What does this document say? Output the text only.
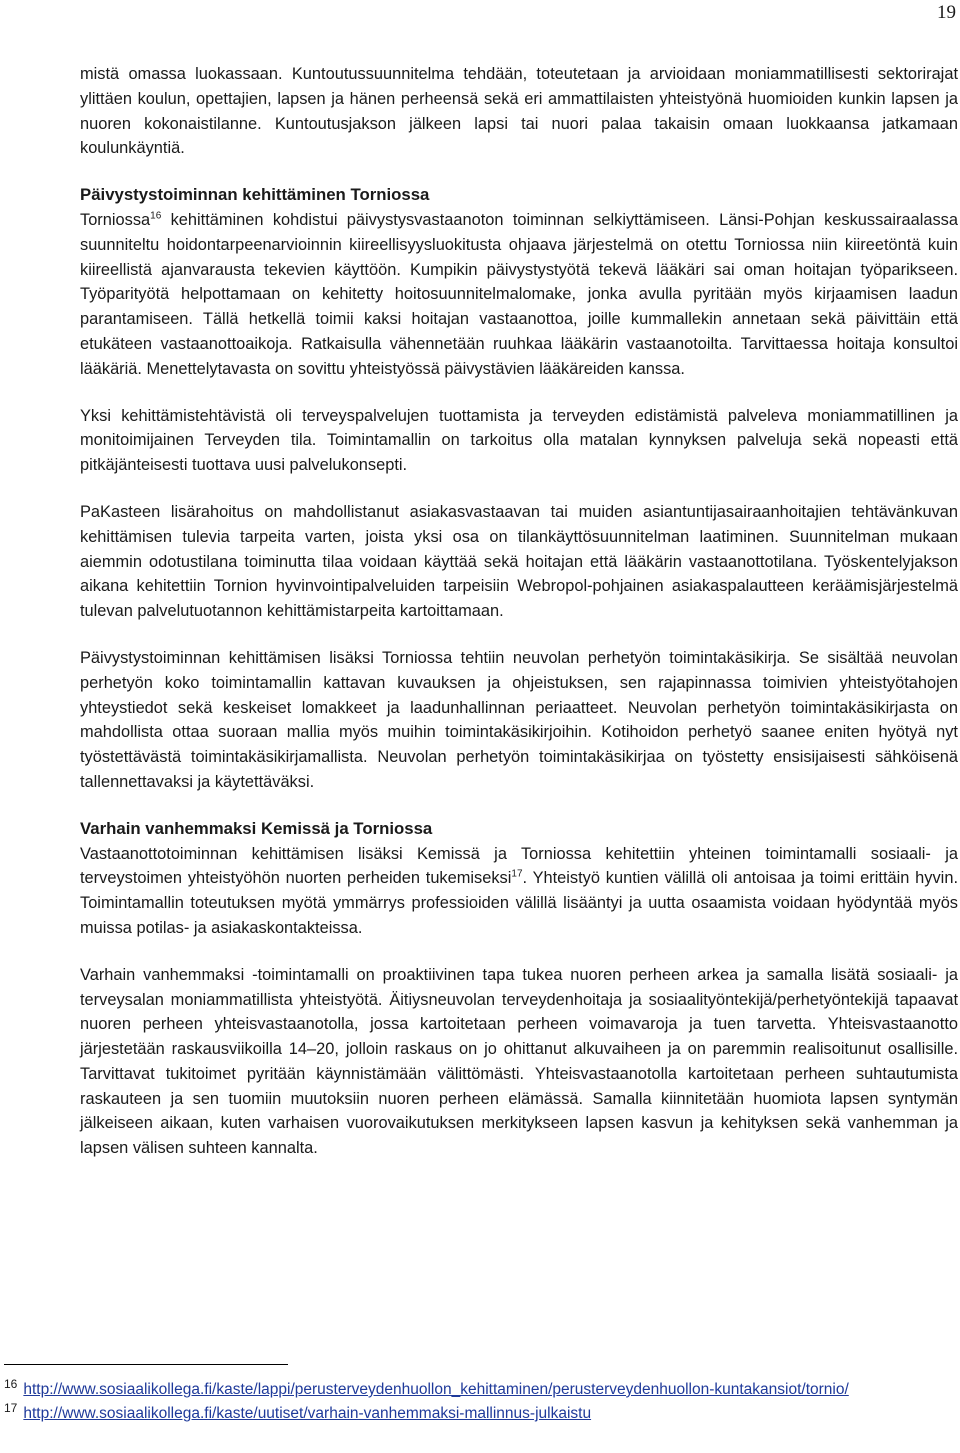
19

mistä omassa luokassaan. Kuntoutussuunnitelma tehdään, toteutetaan ja arvioidaan moniammatillisesti sektorirajat ylittäen koulun, opettajien, lapsen ja hänen perheensä sekä eri ammattilaisten yhteistyönä huomioiden kunkin lapsen ja nuoren kokonaistilanne. Kuntoutusjakson jälkeen lapsi tai nuori palaa takaisin omaan luokkaansa jatkamaan koulunkäyntiä.

Päivystystoiminnan kehittäminen Torniossa

Torniossa$^{16}$ kehittäminen kohdistui päivystysvastaanoton toiminnan selkiyttämiseen. Länsi-Pohjan keskussairaalassa suunniteltu hoidontarpeenarvioinnin kiireellisyysluokitusta ohjaava järjestelmä on otettu Torniossa niin kiireetöntä kuin kiireellistä ajanvarausta tekevien käyttöön. Kumpikin päivystystyötä tekevä lääkäri sai oman hoitajan työparikseen. Työparityötä helpottamaan on kehitetty hoitosuunnitelmalomake, jonka avulla pyritään myös kirjaamisen laadun parantamiseen. Tällä hetkellä toimii kaksi hoitajan vastaanottoa, joille kummallekin annetaan sekä päivittäin että etukäteen vastaanottoaikoja. Ratkaisulla vähennetään ruuhkaa lääkärin vastaanotoilta. Tarvittaessa hoitaja konsultoi lääkäriä. Menettelytavasta on sovittu yhteistyössä päivystävien lääkäreiden kanssa.

Yksi kehittämistehtävistä oli terveyspalvelujen tuottamista ja terveyden edistämistä palveleva moniammatillinen ja monitoimijainen Terveyden tila. Toimintamallin on tarkoitus olla matalan kynnyksen palveluja sekä nopeasti että pitkäjänteisesti tuottava uusi palvelukonsepti.

PaKasteen lisärahoitus on mahdollistanut asiakasvastaavan tai muiden asiantuntijasairaanhoitajien tehtävänkuvan kehittämisen tulevia tarpeita varten, joista yksi osa on tilankäyttösuunnitelman laatiminen. Suunnitelman mukaan aiemmin odotustilana toiminutta tilaa voidaan käyttää sekä hoitajan että lääkärin vastaanottotilana. Työskentelyjakson aikana kehitettiin Tornion hyvinvointipalveluiden tarpeisiin Webropol-pohjainen asiakaspalautteen keräämisjärjestelmä tulevan palvelutuotannon kehittämistarpeita kartoittamaan.

Päivystystoiminnan kehittämisen lisäksi Torniossa tehtiin neuvolan perhetyön toimintakäsikirja. Se sisältää neuvolan perhetyön koko toimintamallin kattavan kuvauksen ja ohjeistuksen, sen rajapinnassa toimivien yhteistyötahojen yhteystiedot sekä keskeiset lomakkeet ja laadunhallinnan periaatteet. Neuvolan perhetyön toimintakäsikirjasta on mahdollista ottaa suoraan mallia myös muihin toimintakäsikirjoihin. Kotihoidon perhetyö saanee eniten hyötyä nyt työstettävästä toimintakäsikirjamallista. Neuvolan perhetyön toimintakäsikirjaa on työstetty ensisijaisesti sähköisenä tallennettavaksi ja käytettäväksi.

Varhain vanhemmaksi Kemissä ja Torniossa

Vastaanottotoiminnan kehittämisen lisäksi Kemissä ja Torniossa kehitettiin yhteinen toimintamalli sosiaali- ja terveystoimen yhteistyöhön nuorten perheiden tukemiseksi$^{17}$. Yhteistyö kuntien välillä oli antoisaa ja toimi erittäin hyvin. Toimintamallin toteutuksen myötä ymmärrys professioiden välillä lisääntyi ja uutta osaamista voidaan hyödyntää myös muissa potilas- ja asiakaskontakteissa.

Varhain vanhemmaksi -toimintamalli on proaktiivinen tapa tukea nuoren perheen arkea ja samalla lisätä sosiaali- ja terveysalan moniammatillista yhteistyötä. Äitiysneuvolan terveydenhoitaja ja sosiaalityöntekijä/perhetyöntekijä tapaavat nuoren perheen yhteisvastaanotolla, jossa kartoitetaan perheen voimavaroja ja tuen tarvetta. Yhteisvastaanotto järjestetään raskausviikoilla 14–20, jolloin raskaus on jo ohittanut alkuvaiheen ja on paremmin realisoitunut osallisille. Tarvittavat tukitoimet pyritään käynnistämään välittömästi. Yhteisvastaanotolla kartoitetaan perheen suhtautumista raskauteen ja sen tuomiin muutoksiin nuoren perheen elämässä. Samalla kiinnitetään huomiota lapsen syntymän jälkeiseen aikaan, kuten varhaisen vuorovaikutuksen merkitykseen lapsen kasvun ja kehityksen sekä vanhemman ja lapsen välisen suhteen kannalta.

$^{16}$ http://www.sosiaalikollega.fi/kaste/lappi/perusterveydenhuollon_kehittaminen/perusterveydenhuollon-kuntakansiot/tornio/
$^{17}$ http://www.sosiaalikollega.fi/kaste/uutiset/varhain-vanhemmaksi-mallinnus-julkaistu
